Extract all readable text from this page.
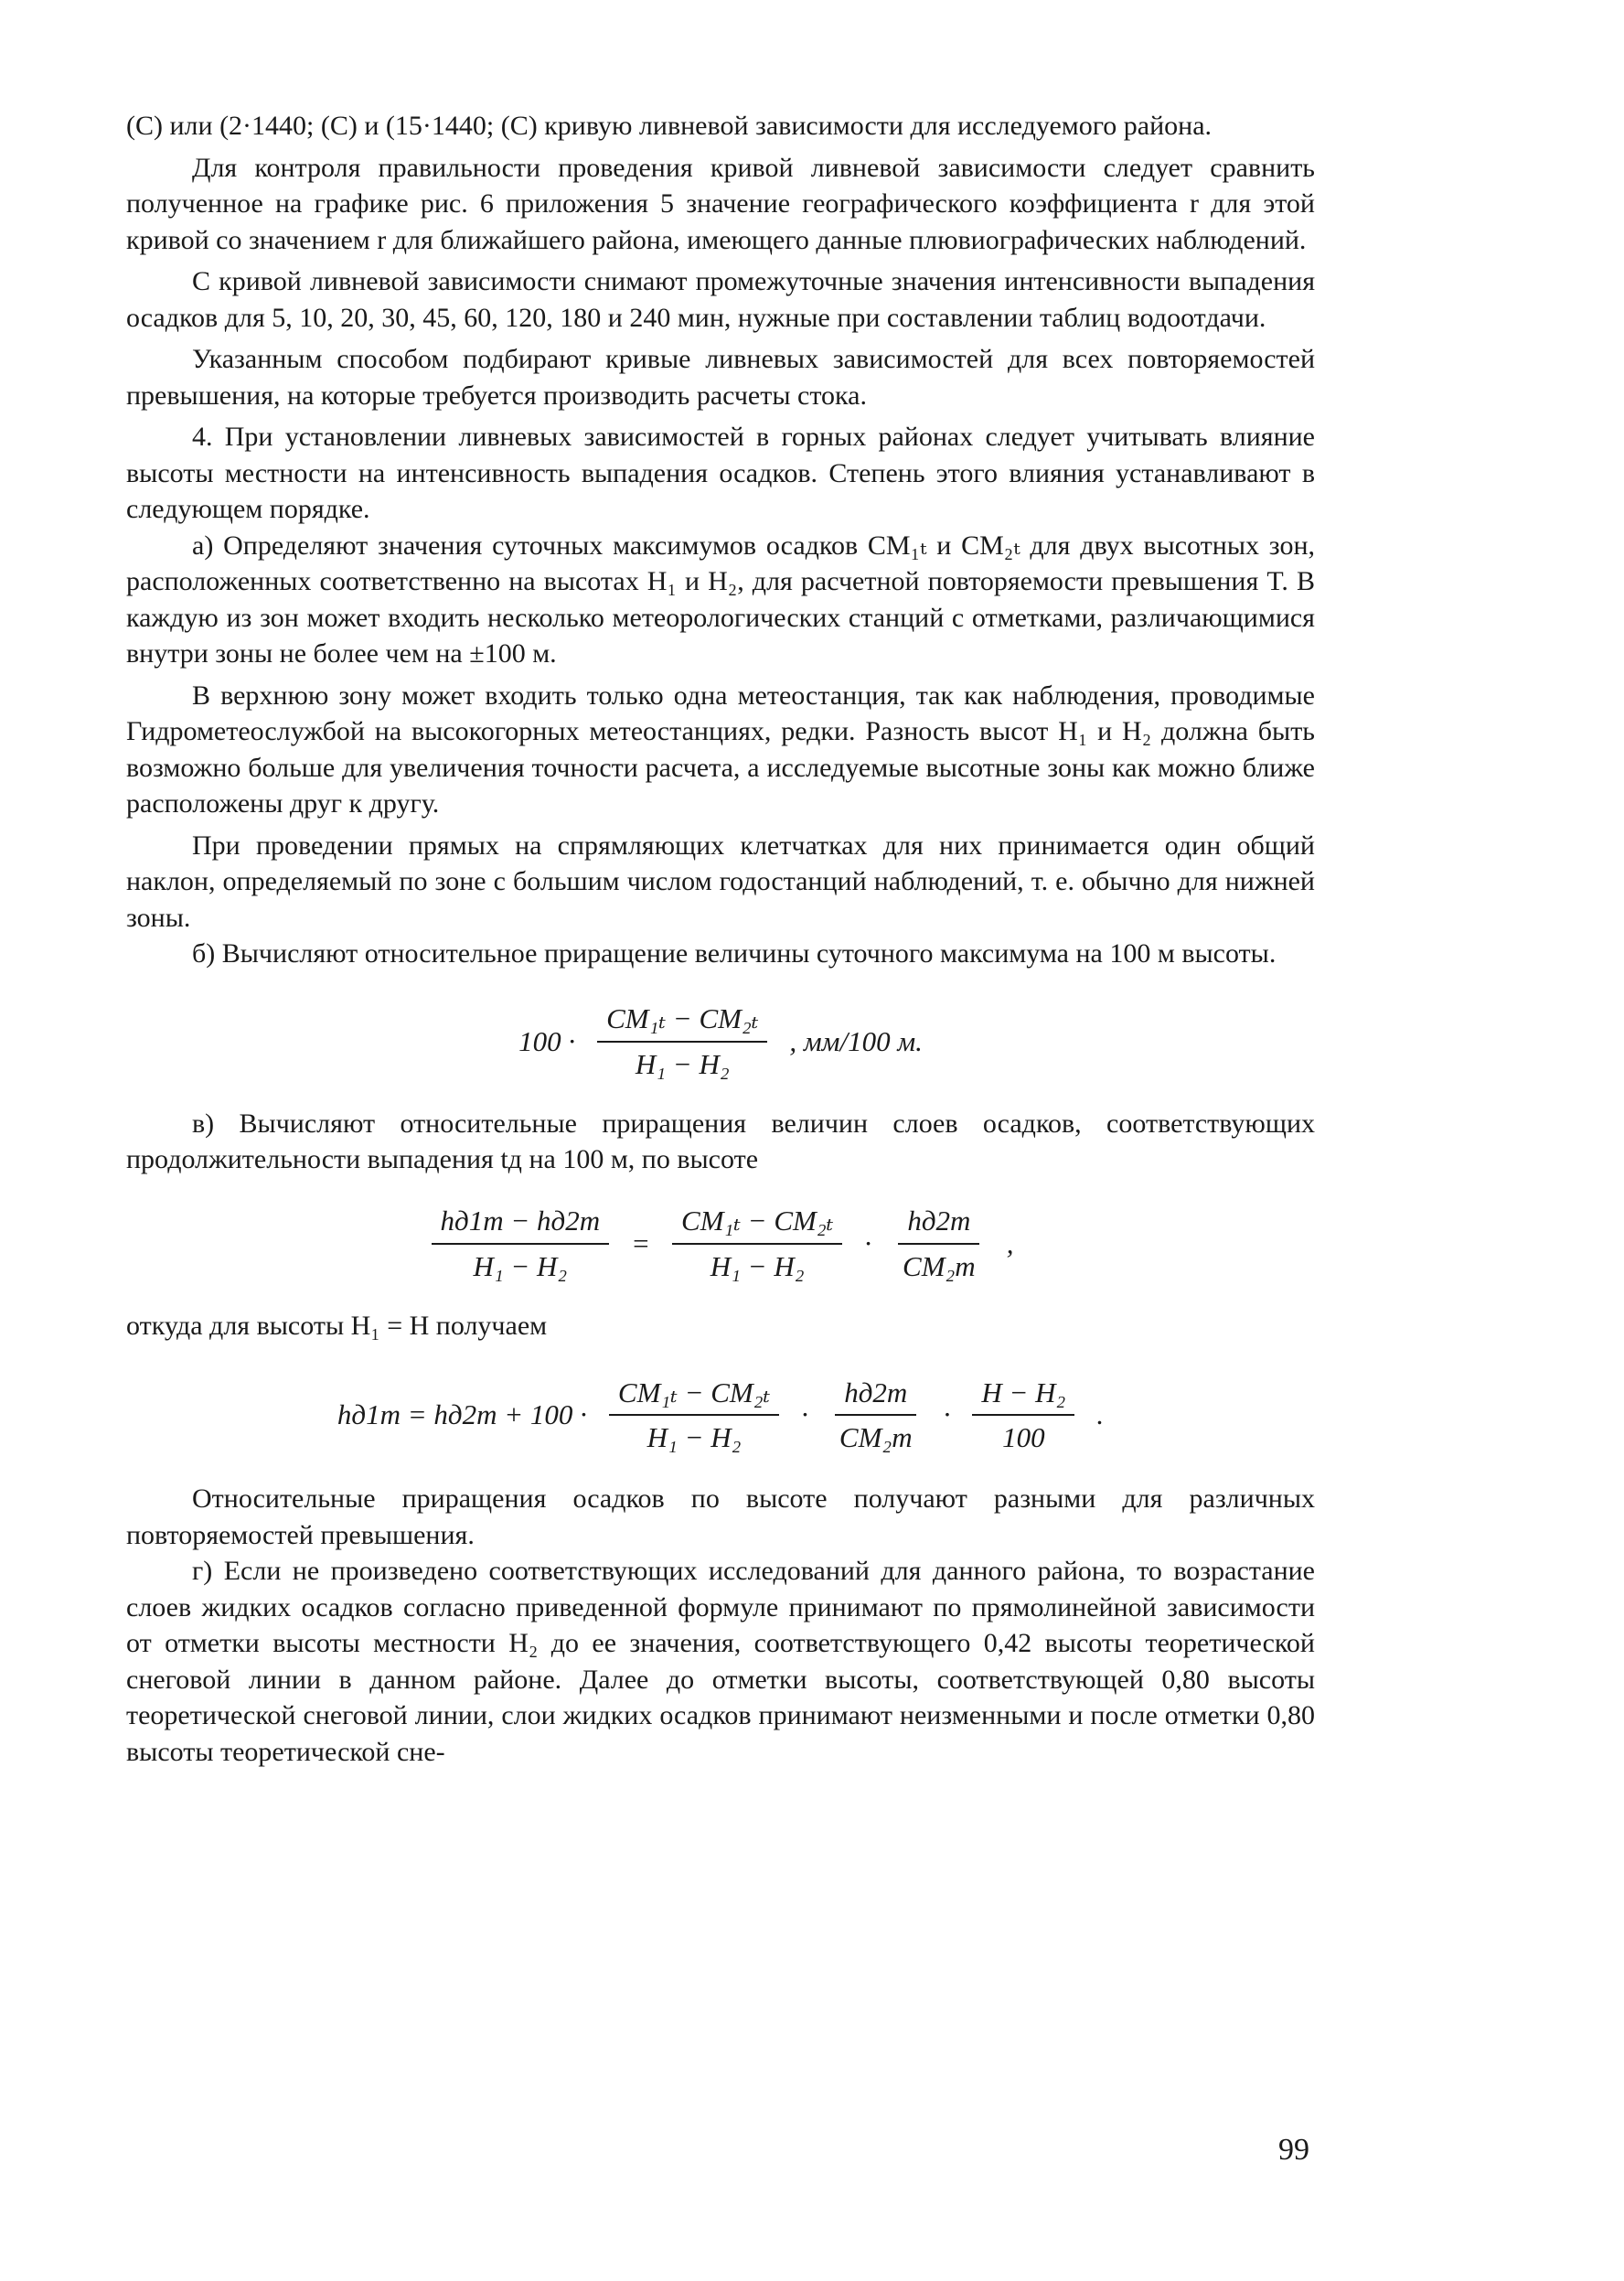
(С) или (2·1440; (С) и (15·1440; (С) кривую ливневой зависимости для исследуемого района.

Для контроля правильности проведения кривой ливневой зависимости следует сравнить полученное на графике рис. 6 приложения 5 значение географического коэффициента r для этой кривой со значением r для ближайшего района, имеющего данные плювиографических наблюдений.

С кривой ливневой зависимости снимают промежуточные значения интенсивности выпадения осадков для 5, 10, 20, 30, 45, 60, 120, 180 и 240 мин, нужные при составлении таблиц водоотдачи.

Указанным способом подбирают кривые ливневых зависимостей для всех повторяемостей превышения, на которые требуется производить расчеты стока.

4. При установлении ливневых зависимостей в горных районах следует учитывать влияние высоты местности на интенсивность выпадения осадков. Степень этого влияния устанавливают в следующем порядке.

а) Определяют значения суточных максимумов осадков СМ₁ₜ и СМ₂ₜ для двух высотных зон, расположенных соответственно на высотах H₁ и H₂, для расчетной повторяемости превышения T. В каждую из зон может входить несколько метеорологических станций с отметками, различающимися внутри зоны не более чем на ±100 м.

В верхнюю зону может входить только одна метеостанция, так как наблюдения, проводимые Гидрометеослужбой на высокогорных метеостанциях, редки. Разность высот H₁ и H₂ должна быть возможно больше для увеличения точности расчета, а исследуемые высотные зоны как можно ближе расположены друг к другу.

При проведении прямых на спрямляющих клетчатках для них принимается один общий наклон, определяемый по зоне с большим числом годостанций наблюдений, т. е. обычно для нижней зоны.

б) Вычисляют относительное приращение величины суточного максимума на 100 м высоты.

$100 \cdot \frac{\text{СМ₁ₜ − СМ₂ₜ}}{\text{H₁ − H₂}}$ , мм/100 м.

в) Вычисляют относительные приращения величин слоев осадков, соответствующих продолжительности выпадения tд на 100 м, по высоте

$\frac{hд1т - hд2т}{\text{H₁ − H₂}} = \frac{\text{СМ₁ₜ − СМ₂ₜ}}{\text{H₁ − H₂}} \cdot \frac{hд2т}{\text{СМ₂т}}$ ,

откуда для высоты H₁ = H получаем

$hд1т = hд2т + 100 \cdot \frac{\text{СМ₁ₜ − СМ₂ₜ}}{\text{H₁ − H₂}} \cdot \frac{hд2т}{\text{СМ₂т}} \cdot \frac{\text{H − H₂}}{100}$ .

Относительные приращения осадков по высоте получают разными для различных повторяемостей превышения.

г) Если не произведено соответствующих исследований для данного района, то возрастание слоев жидких осадков согласно приведенной формуле принимают по прямолинейной зависимости от отметки высоты местности H₂ до ее значения, соответствующего 0,42 высоты теоретической снеговой линии в данном районе. Далее до отметки высоты, соответствующей 0,80 высоты теоретической снеговой линии, слои жидких осадков принимают неизменными и после отметки 0,80 высоты теоретической сне-

99
